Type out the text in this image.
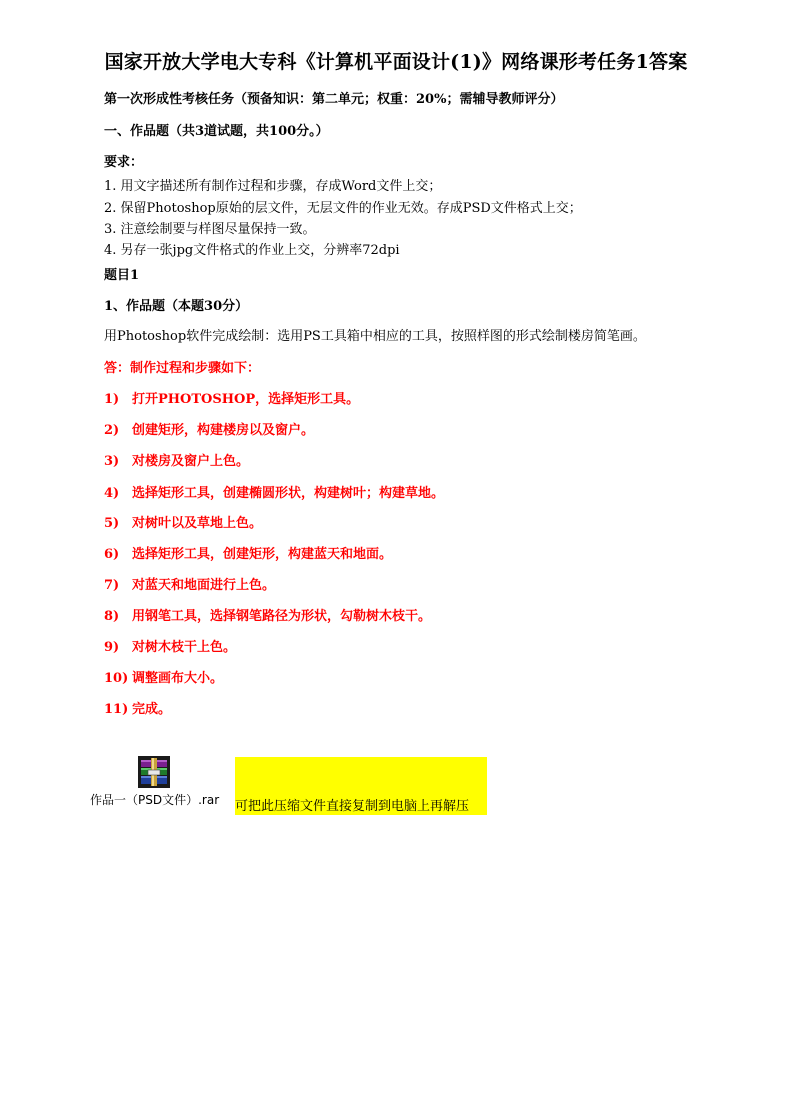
国家开放大学电大专科《计算机平面设计(1)》网络课形考任务1答案
第一次形成性考核任务（预备知识：第二单元；权重：20%；需辅导教师评分）
一、作品题（共3道试题，共100分。）
要求：
1. 用文字描述所有制作过程和步骤，存成Word文件上交；
2. 保留Photoshop原始的层文件，无层文件的作业无效。存成PSD文件格式上交；
3. 注意绘制要与样图尽量保持一致。
4. 另存一张jpg文件格式的作业上交，分辨率72dpi
题目1
1、作品题（本题30分）
用Photoshop软件完成绘制：选用PS工具箱中相应的工具，按照样图的形式绘制楼房简笔画。
答：制作过程和步骤如下：
1) 打开PHOTOSHOP，选择矩形工具。
2) 创建矩形，构建楼房以及窗户。
3) 对楼房及窗户上色。
4) 选择矩形工具，创建椭圆形状，构建树叶；构建草地。
5) 对树叶以及草地上色。
6) 选择矩形工具，创建矩形，构建蓝天和地面。
7) 对蓝天和地面进行上色。
8) 用钢笔工具，选择钢笔路径为形状，勾勒树木枝干。
9) 对树木枝干上色。
10) 调整画布大小。
11) 完成。
作品一（PSD文件）.rar 可把此压缩文件直接复制到电脑上再解压
